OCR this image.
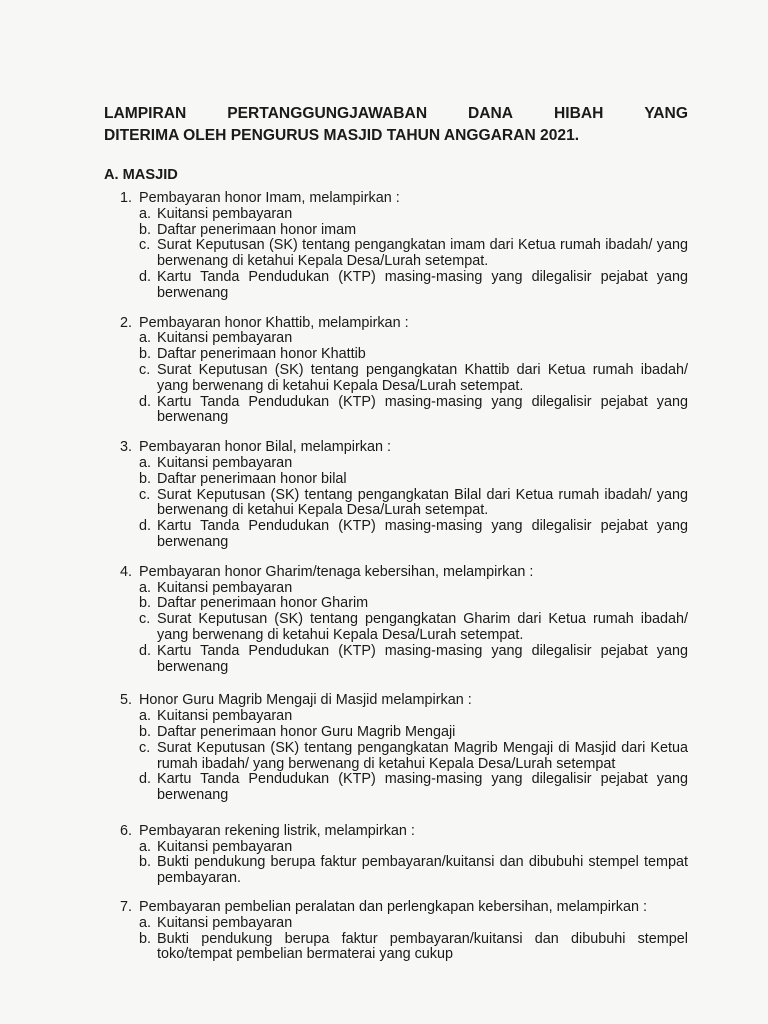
LAMPIRAN	PERTANGGUNGJAWABAN	DANA	HIBAH	YANG
DITERIMA OLEH PENGURUS MASJID TAHUN ANGGARAN 2021.
A. MASJID
1. Pembayaran honor Imam, melampirkan :
a. Kuitansi pembayaran
b. Daftar penerimaan honor imam
c. Surat Keputusan (SK) tentang pengangkatan imam dari Ketua rumah ibadah/ yang berwenang di ketahui Kepala Desa/Lurah setempat.
d. Kartu Tanda Pendudukan (KTP) masing-masing yang dilegalisir pejabat yang berwenang
2. Pembayaran honor Khattib, melampirkan :
a. Kuitansi pembayaran
b. Daftar penerimaan honor Khattib
c. Surat Keputusan (SK) tentang pengangkatan Khattib dari Ketua rumah ibadah/ yang berwenang di ketahui Kepala Desa/Lurah setempat.
d. Kartu Tanda Pendudukan (KTP) masing-masing yang dilegalisir pejabat yang berwenang
3. Pembayaran honor Bilal, melampirkan :
a. Kuitansi pembayaran
b. Daftar penerimaan honor bilal
c. Surat Keputusan (SK) tentang pengangkatan Bilal dari Ketua rumah ibadah/ yang berwenang di ketahui Kepala Desa/Lurah setempat.
d. Kartu Tanda Pendudukan (KTP) masing-masing yang dilegalisir pejabat yang berwenang
4. Pembayaran honor Gharim/tenaga kebersihan, melampirkan :
a. Kuitansi pembayaran
b. Daftar penerimaan honor Gharim
c. Surat Keputusan (SK) tentang pengangkatan Gharim dari Ketua rumah ibadah/ yang berwenang di ketahui Kepala Desa/Lurah setempat.
d. Kartu Tanda Pendudukan (KTP) masing-masing yang dilegalisir pejabat yang berwenang
5. Honor Guru Magrib Mengaji di Masjid melampirkan :
a. Kuitansi pembayaran
b. Daftar penerimaan honor Guru Magrib Mengaji
c. Surat Keputusan (SK) tentang pengangkatan Magrib Mengaji di Masjid dari Ketua rumah ibadah/ yang berwenang di ketahui Kepala Desa/Lurah setempat
d. Kartu Tanda Pendudukan (KTP) masing-masing yang dilegalisir pejabat yang berwenang
6. Pembayaran rekening listrik, melampirkan :
a. Kuitansi pembayaran
b. Bukti pendukung berupa faktur pembayaran/kuitansi dan dibubuhi stempel tempat pembayaran.
7. Pembayaran pembelian peralatan dan perlengkapan kebersihan, melampirkan :
a. Kuitansi pembayaran
b. Bukti pendukung berupa faktur pembayaran/kuitansi dan dibubuhi stempel toko/tempat pembelian bermaterai yang cukup
